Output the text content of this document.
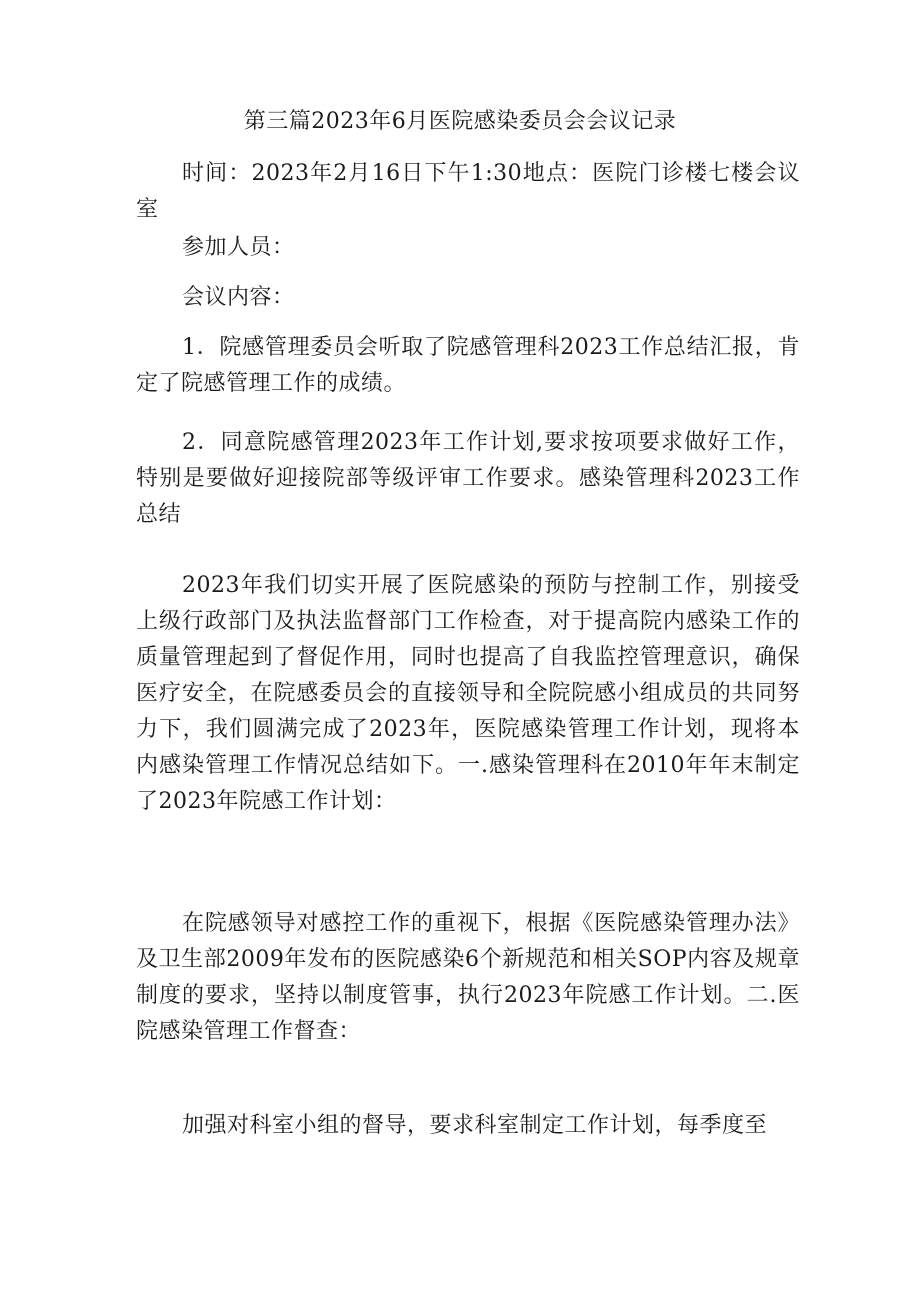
第三篇2023年6月医院感染委员会会议记录

时间：2023年2月16日下午1:30地点：医院门诊楼七楼会议室

参加人员：

会议内容：

1．院感管理委员会听取了院感管理科2023工作总结汇报，肯定了院感管理工作的成绩。

2．同意院感管理2023年工作计划,要求按项要求做好工作，特别是要做好迎接院部等级评审工作要求。感染管理科2023工作总结

2023年我们切实开展了医院感染的预防与控制工作，别接受上级行政部门及执法监督部门工作检查，对于提高院内感染工作的质量管理起到了督促作用，同时也提高了自我监控管理意识，确保医疗安全，在院感委员会的直接领导和全院院感小组成员的共同努力下，我们圆满完成了2023年，医院感染管理工作计划，现将本内感染管理工作情况总结如下。一.感染管理科在2010年年末制定了2023年院感工作计划：

在院感领导对感控工作的重视下，根据《医院感染管理办法》及卫生部2009年发布的医院感染6个新规范和相关SOP内容及规章制度的要求，坚持以制度管事，执行2023年院感工作计划。二.医院感染管理工作督查：

加强对科室小组的督导，要求科室制定工作计划，每季度至
